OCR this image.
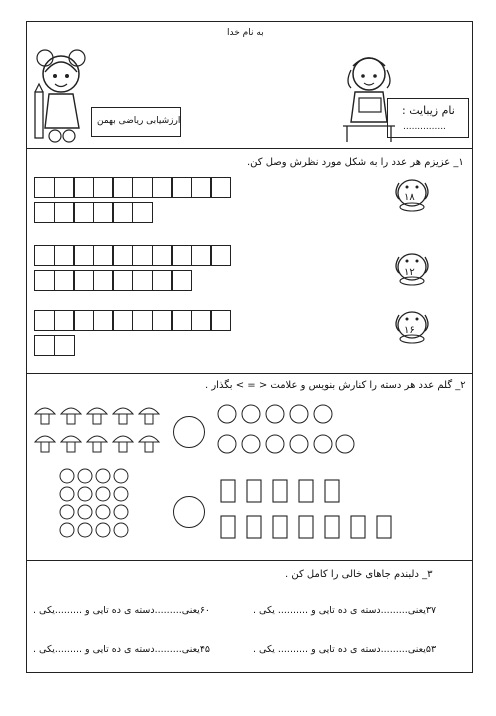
به نام خدا
ارزشیابی ریاضی بهمن
نام زیبایت :
...............
۱_ عزیزم هر عدد را به شکل مورد نظرش وصل کن.
۱۸
۱۲
۱۶
۲_ گلم عدد هر دسته را کنارش بنویس و علامت < = > بگذار .
۳_ دلبندم جاهای خالی را کامل کن .
۳۷یعنی.........دسته ی ده تایی و .......... یکی .
۶۰یعنی.........دسته ی ده تایی و .........یکی .
۵۳یعنی.........دسته ی ده تایی و .......... یکی .
۴۵یعنی.........دسته ی ده تایی و .........یکی .
